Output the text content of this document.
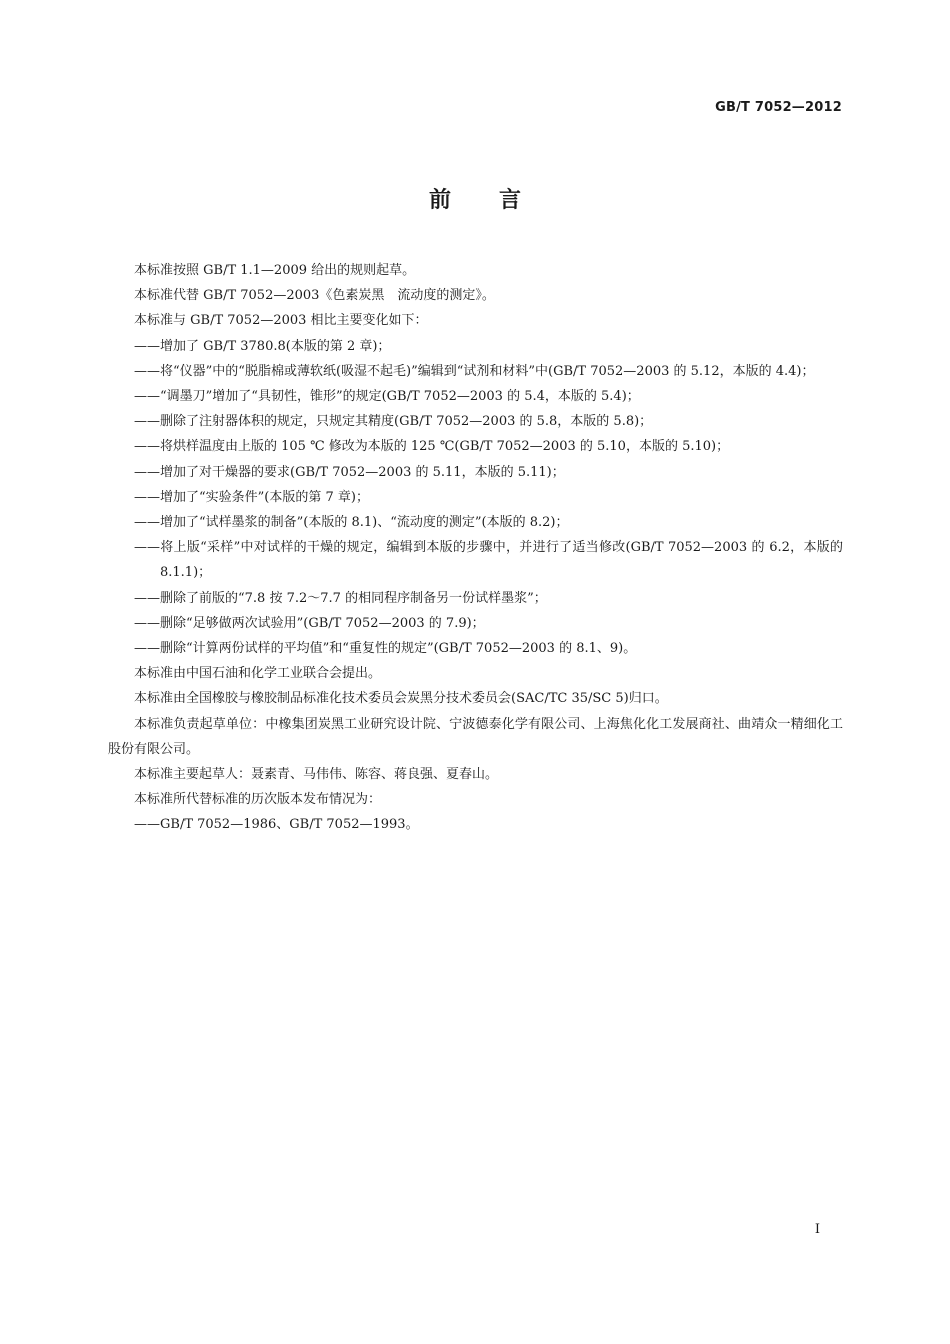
GB/T 7052—2012
前言

本标准按照 GB/T 1.1—2009 给出的规则起草。

本标准代替 GB/T 7052—2003《色素炭黑　流动度的测定》。

本标准与 GB/T 7052—2003 相比主要变化如下：

——增加了 GB/T 3780.8(本版的第 2 章)；

——将“仪器”中的“脱脂棉或薄软纸(吸湿不起毛)”编辑到“试剂和材料”中(GB/T 7052—2003 的 5.12，本版的 4.4)；

——“调墨刀”增加了“具韧性，锥形”的规定(GB/T 7052—2003 的 5.4，本版的 5.4)；

——删除了注射器体积的规定，只规定其精度(GB/T 7052—2003 的 5.8，本版的 5.8)；

——将烘样温度由上版的 105 ℃ 修改为本版的 125 ℃(GB/T 7052—2003 的 5.10，本版的 5.10)；

——增加了对干燥器的要求(GB/T 7052—2003 的 5.11，本版的 5.11)；

——增加了“实验条件”(本版的第 7 章)；

——增加了“试样墨浆的制备”(本版的 8.1)、“流动度的测定”(本版的 8.2)；

——将上版“采样”中对试样的干燥的规定，编辑到本版的步骤中，并进行了适当修改(GB/T 7052—2003 的 6.2，本版的 8.1.1)；

——删除了前版的“7.8 按 7.2～7.7 的相同程序制备另一份试样墨浆”；

——删除“足够做两次试验用”(GB/T 7052—2003 的 7.9)；

——删除“计算两份试样的平均值”和“重复性的规定”(GB/T 7052—2003 的 8.1、9)。

本标准由中国石油和化学工业联合会提出。

本标准由全国橡胶与橡胶制品标准化技术委员会炭黑分技术委员会(SAC/TC 35/SC 5)归口。

本标准负责起草单位：中橡集团炭黑工业研究设计院、宁波德泰化学有限公司、上海焦化化工发展商社、曲靖众一精细化工股份有限公司。

本标准主要起草人：聂素青、马伟伟、陈容、蒋良强、夏春山。

本标准所代替标准的历次版本发布情况为：

——GB/T 7052—1986、GB/T 7052—1993。

I
